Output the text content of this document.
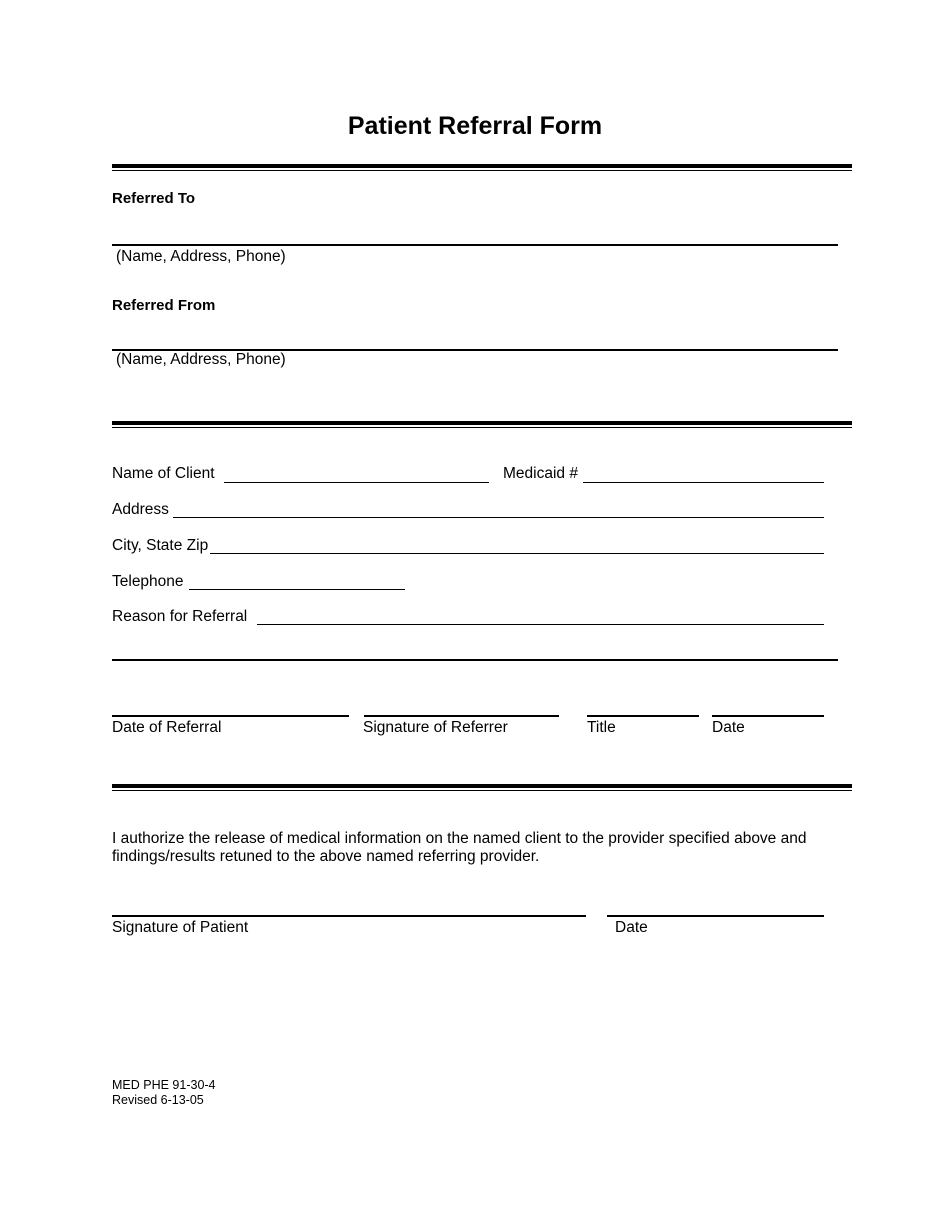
Patient Referral Form
Referred To
(Name, Address, Phone)
Referred From
(Name, Address, Phone)
Name of Client	Medicaid #
Address
City, State Zip
Telephone
Reason for Referral
Date of Referral	Signature of Referrer	Title	Date
I authorize the release of medical information on the named client to the provider specified above and
findings/results retuned to the above named referring provider.
Signature of Patient	Date
MED PHE 91-30-4
Revised 6-13-05
